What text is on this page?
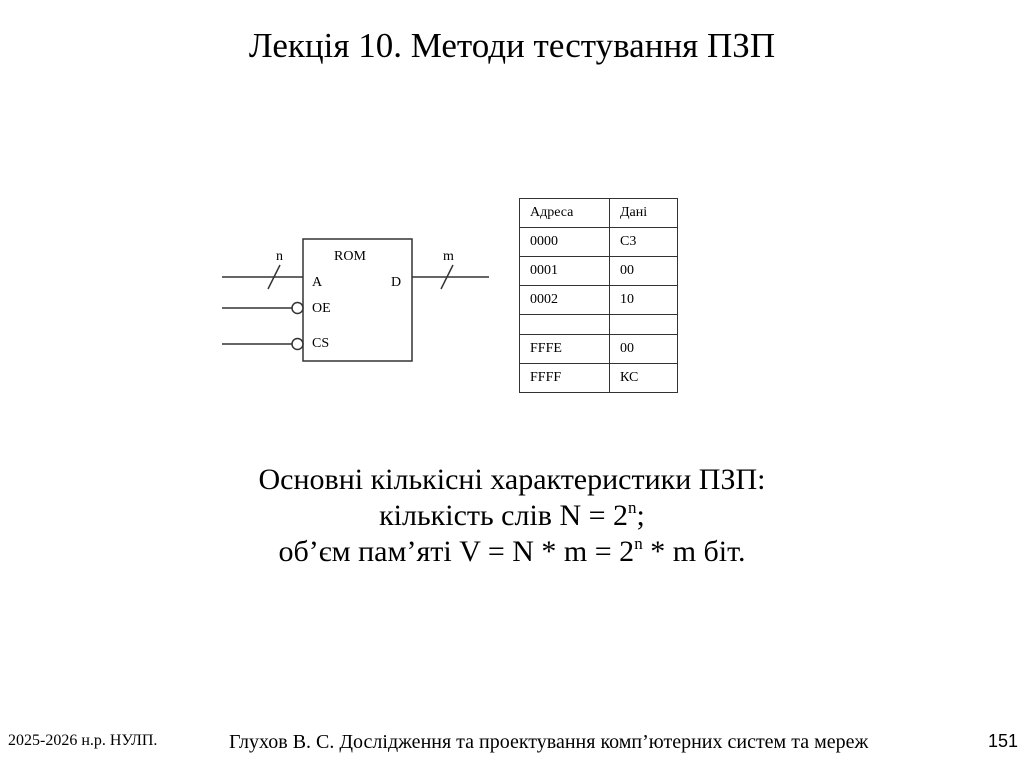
Лекція 10. Методи тестування ПЗП
ROM
A	D
OE
CS
n	m
Адреса	Дані
0000	C3
0001	00
0002	10

FFFE	00
FFFF	КС
Основні кількісні характеристики ПЗП:
кількість слів $N = 2^n$;
об’єм пам’яті $V = N * m = 2^n * m$ біт.
2025-2026 н.р. НУЛП.	Глухов В. С. Дослідження та проектування комп’ютерних систем та мереж	151
